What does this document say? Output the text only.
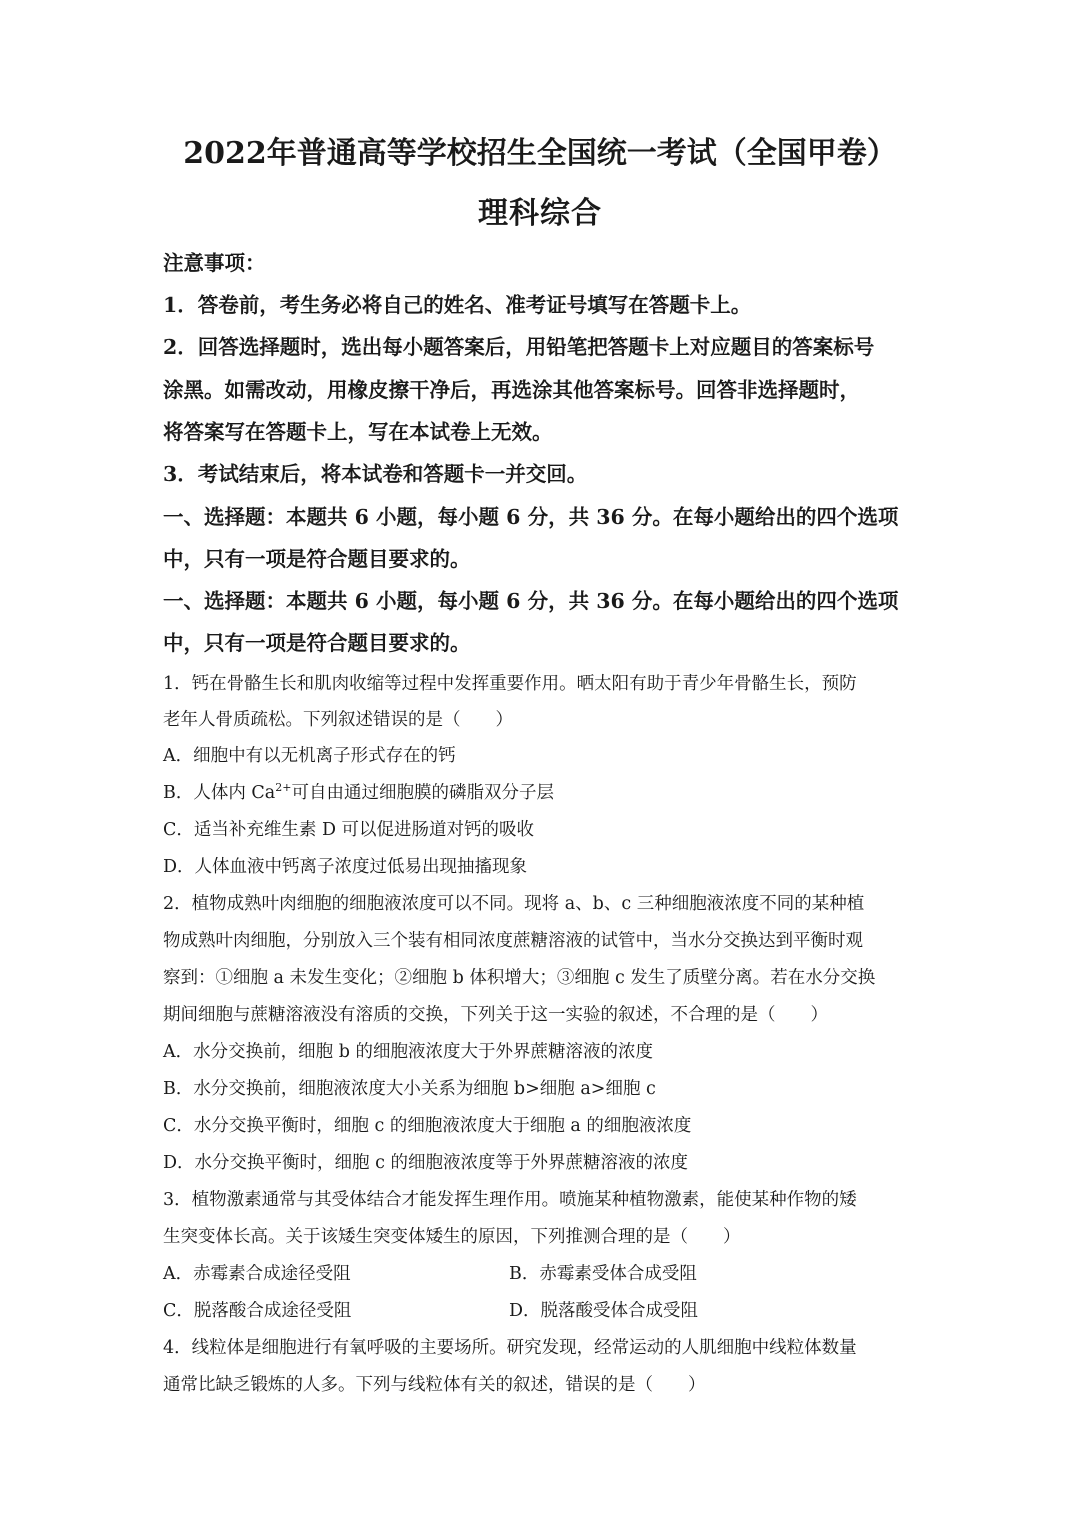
2022年普通高等学校招生全国统一考试（全国甲卷）
理科综合
注意事项：
1．答卷前，考生务必将自己的姓名、准考证号填写在答题卡上。
2．回答选择题时，选出每小题答案后，用铅笔把答题卡上对应题目的答案标号
涂黑。如需改动，用橡皮擦干净后，再选涂其他答案标号。回答非选择题时，
将答案写在答题卡上，写在本试卷上无效。
3．考试结束后，将本试卷和答题卡一并交回。
一、选择题：本题共 6 小题，每小题 6 分，共 36 分。在每小题给出的四个选项
中，只有一项是符合题目要求的。
一、选择题：本题共 6 小题，每小题 6 分，共 36 分。在每小题给出的四个选项
中，只有一项是符合题目要求的。
1．钙在骨骼生长和肌肉收缩等过程中发挥重要作用。晒太阳有助于青少年骨骼生长，预防
老年人骨质疏松。下列叙述错误的是（　　）
A．细胞中有以无机离子形式存在的钙
B．人体内 $Ca^{2+}$可自由通过细胞膜的磷脂双分子层
C．适当补充维生素 D 可以促进肠道对钙的吸收
D．人体血液中钙离子浓度过低易出现抽搐现象
2．植物成熟叶肉细胞的细胞液浓度可以不同。现将 a、b、c 三种细胞液浓度不同的某种植
物成熟叶肉细胞，分别放入三个装有相同浓度蔗糖溶液的试管中，当水分交换达到平衡时观
察到：①细胞 a 未发生变化；②细胞 b 体积增大；③细胞 c 发生了质壁分离。若在水分交换
期间细胞与蔗糖溶液没有溶质的交换，下列关于这一实验的叙述，不合理的是（　　）
A．水分交换前，细胞 b 的细胞液浓度大于外界蔗糖溶液的浓度
B．水分交换前，细胞液浓度大小关系为细胞 b>细胞 a>细胞 c
C．水分交换平衡时，细胞 c 的细胞液浓度大于细胞 a 的细胞液浓度
D．水分交换平衡时，细胞 c 的细胞液浓度等于外界蔗糖溶液的浓度
3．植物激素通常与其受体结合才能发挥生理作用。喷施某种植物激素，能使某种作物的矮
生突变体长高。关于该矮生突变体矮生的原因，下列推测合理的是（　　）
A．赤霉素合成途径受阻	B．赤霉素受体合成受阻
C．脱落酸合成途径受阻	D．脱落酸受体合成受阻
4．线粒体是细胞进行有氧呼吸的主要场所。研究发现，经常运动的人肌细胞中线粒体数量
通常比缺乏锻炼的人多。下列与线粒体有关的叙述，错误的是（　　）
